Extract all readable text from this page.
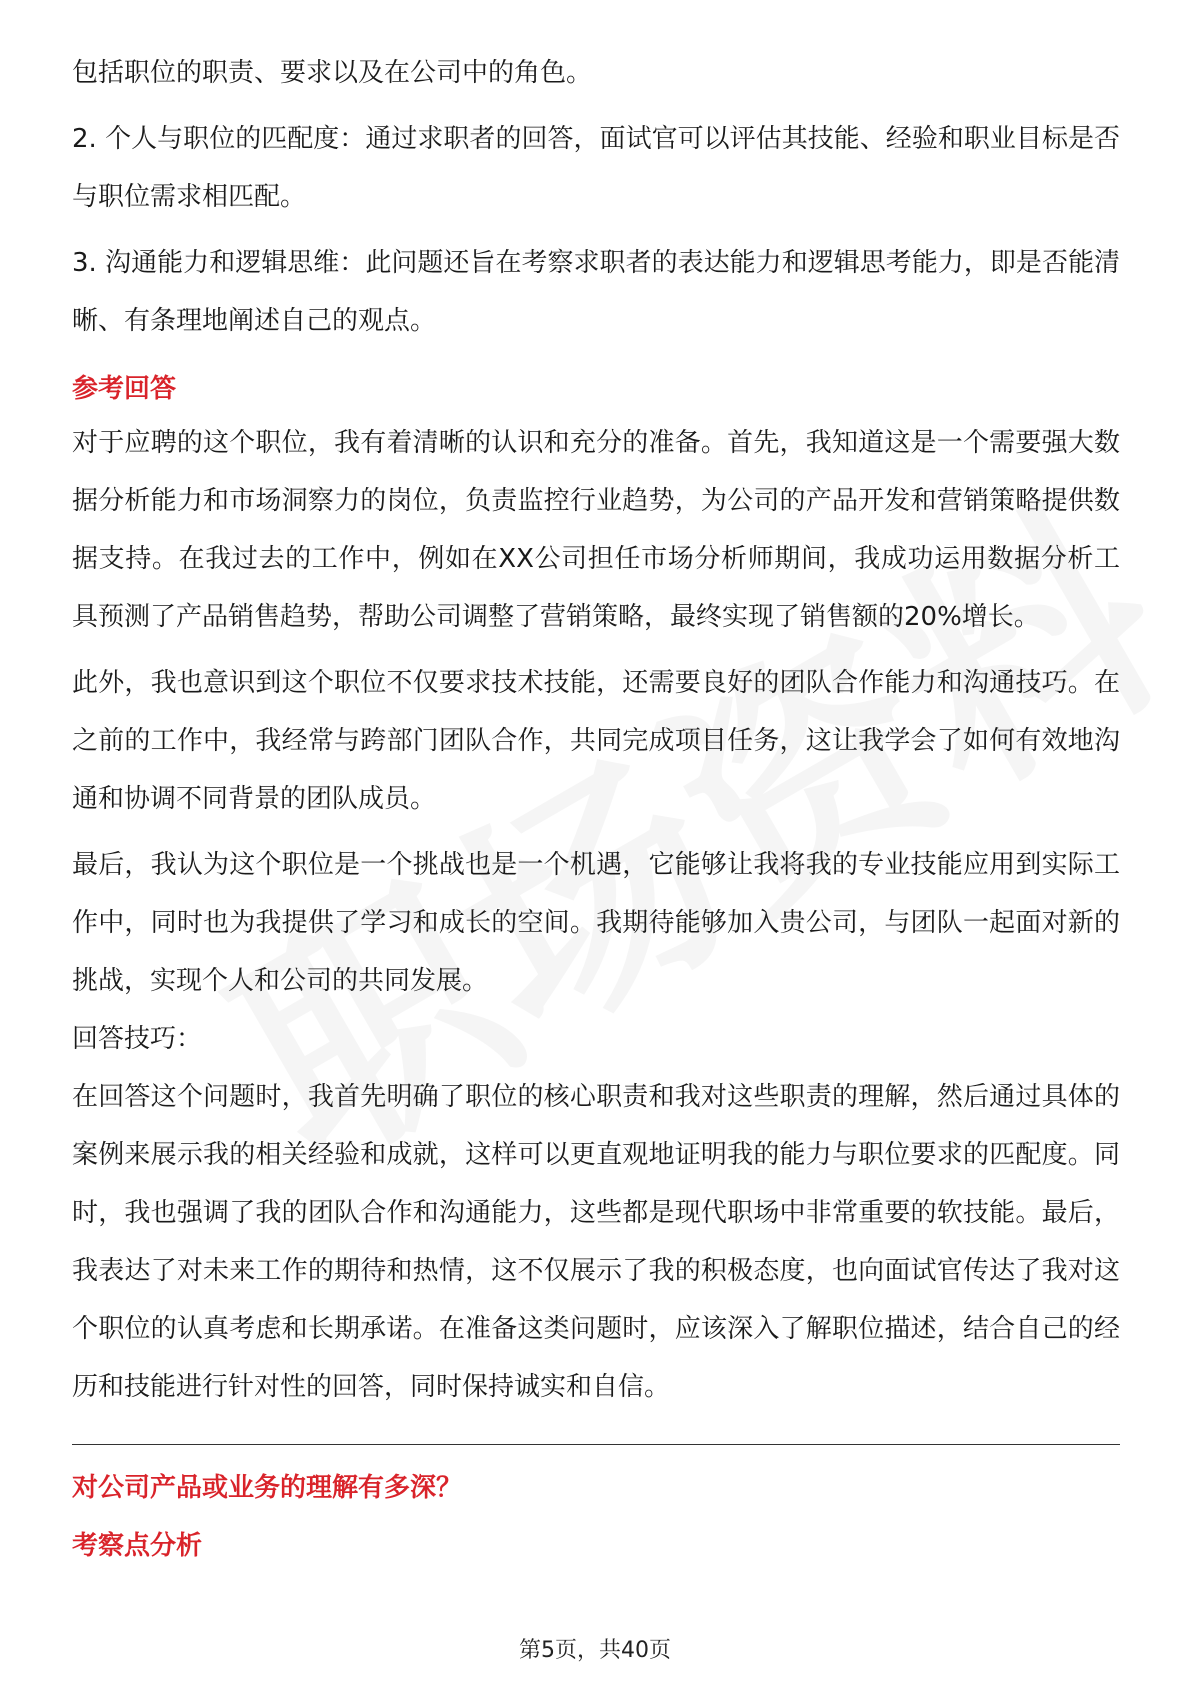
包括职位的职责、要求以及在公司中的角色。

2. 个人与职位的匹配度：通过求职者的回答，面试官可以评估其技能、经验和职业目标是否与职位需求相匹配。

3. 沟通能力和逻辑思维：此问题还旨在考察求职者的表达能力和逻辑思考能力，即是否能清晰、有条理地阐述自己的观点。

参考回答

对于应聘的这个职位，我有着清晰的认识和充分的准备。首先，我知道这是一个需要强大数据分析能力和市场洞察力的岗位，负责监控行业趋势，为公司的产品开发和营销策略提供数据支持。在我过去的工作中，例如在XX公司担任市场分析师期间，我成功运用数据分析工具预测了产品销售趋势，帮助公司调整了营销策略，最终实现了销售额的20%增长。

此外，我也意识到这个职位不仅要求技术技能，还需要良好的团队合作能力和沟通技巧。在之前的工作中，我经常与跨部门团队合作，共同完成项目任务，这让我学会了如何有效地沟通和协调不同背景的团队成员。

最后，我认为这个职位是一个挑战也是一个机遇，它能够让我将我的专业技能应用到实际工作中，同时也为我提供了学习和成长的空间。我期待能够加入贵公司，与团队一起面对新的挑战，实现个人和公司的共同发展。

回答技巧：

在回答这个问题时，我首先明确了职位的核心职责和我对这些职责的理解，然后通过具体的案例来展示我的相关经验和成就，这样可以更直观地证明我的能力与职位要求的匹配度。同时，我也强调了我的团队合作和沟通能力，这些都是现代职场中非常重要的软技能。最后，我表达了对未来工作的期待和热情，这不仅展示了我的积极态度，也向面试官传达了我对这个职位的认真考虑和长期承诺。在准备这类问题时，应该深入了解职位描述，结合自己的经历和技能进行针对性的回答，同时保持诚实和自信。

对公司产品或业务的理解有多深？
考察点分析
第5页，共40页
